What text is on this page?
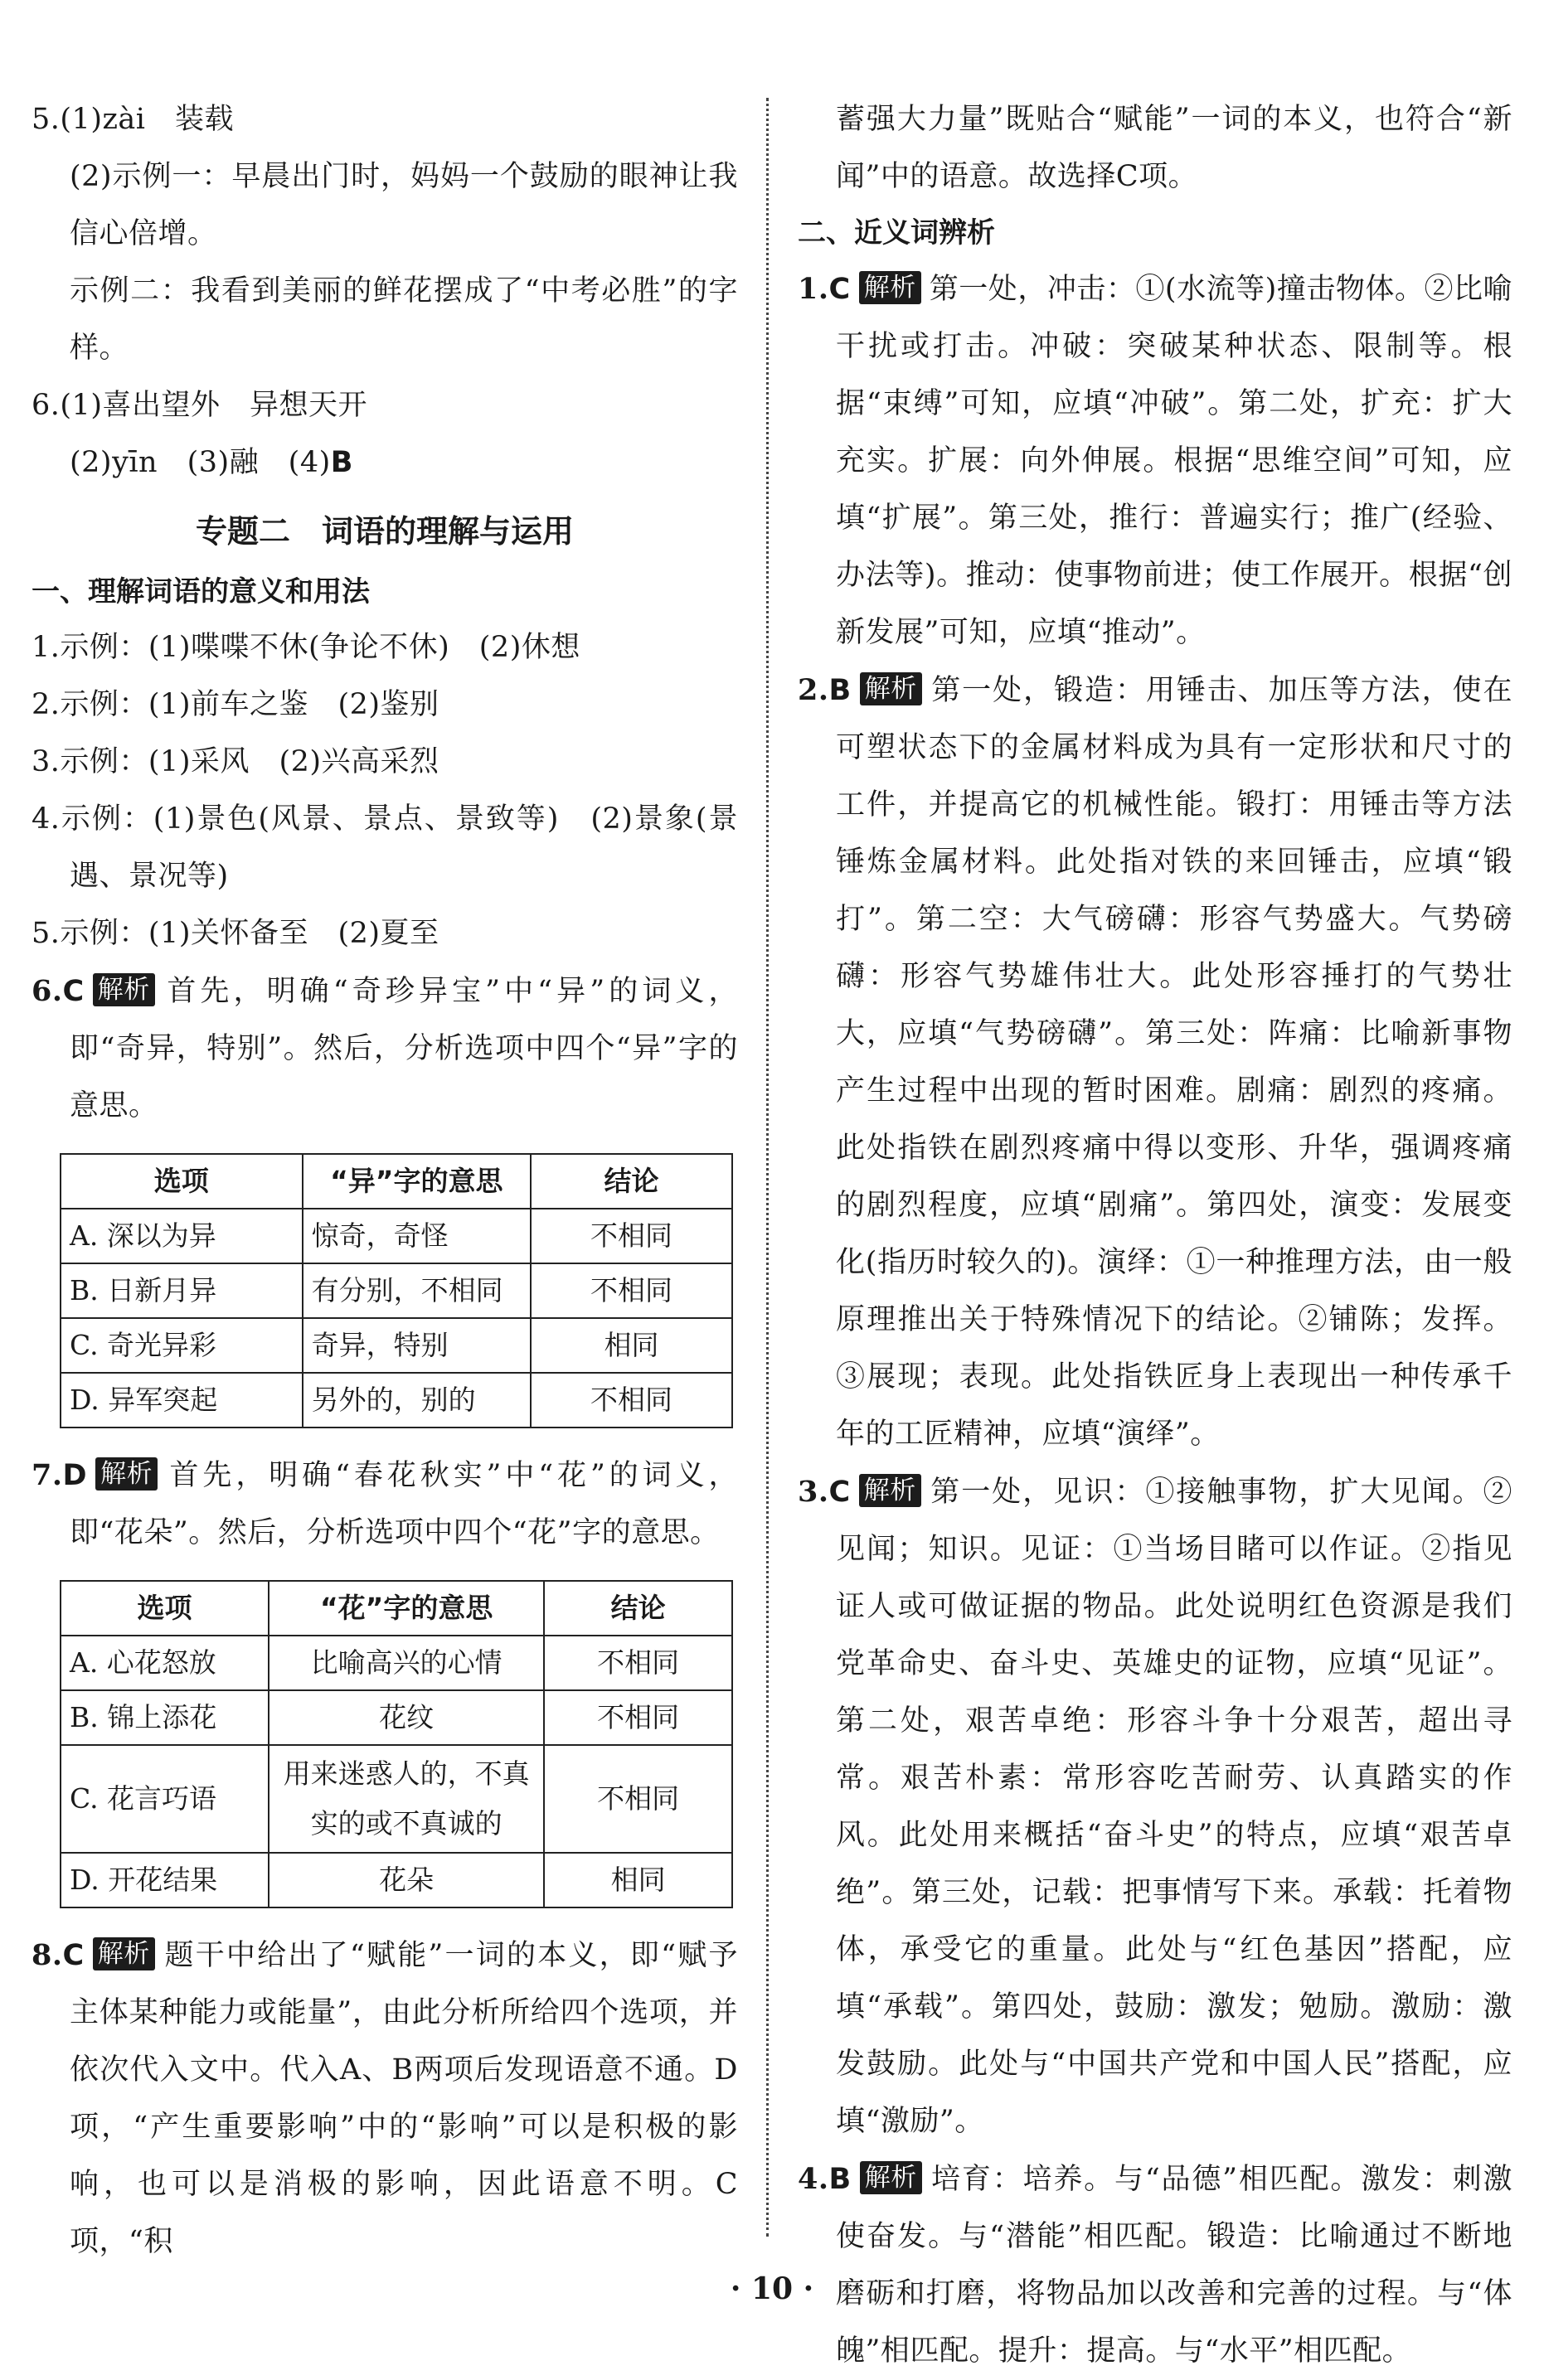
5.(1)zài　装载

(2)示例一：早晨出门时，妈妈一个鼓励的眼神让我信心倍增。

示例二：我看到美丽的鲜花摆成了“中考必胜”的字样。

6.(1)喜出望外　异想天开

(2)yīn　(3)融　(4)B

专题二　词语的理解与运用

一、理解词语的意义和用法

1.示例：(1)喋喋不休(争论不休)　(2)休想

2.示例：(1)前车之鉴　(2)鉴别

3.示例：(1)采风　(2)兴高采烈

4.示例：(1)景色(风景、景点、景致等)　(2)景象(景遇、景况等)

5.示例：(1)关怀备至　(2)夏至

6.C 解析 首先，明确“奇珍异宝”中“异”的词义，即“奇异，特别”。然后，分析选项中四个“异”字的意思。

选项	“异”字的意思	结论
A. 深以为异	惊奇，奇怪	不相同
B. 日新月异	有分别，不相同	不相同
C. 奇光异彩	奇异，特别	相同
D. 异军突起	另外的，别的	不相同

7.D 解析 首先，明确“春花秋实”中“花”的词义，即“花朵”。然后，分析选项中四个“花”字的意思。

选项	“花”字的意思	结论
A. 心花怒放	比喻高兴的心情	不相同
B. 锦上添花	花纹	不相同
C. 花言巧语	用来迷惑人的，不真实的或不真诚的	不相同
D. 开花结果	花朵	相同

8.C 解析 题干中给出了“赋能”一词的本义，即“赋予主体某种能力或能量”，由此分析所给四个选项，并依次代入文中。代入A、B两项后发现语意不通。D项，“产生重要影响”中的“影响”可以是积极的影响，也可以是消极的影响，因此语意不明。C项，“积

蓄强大力量”既贴合“赋能”一词的本义，也符合“新闻”中的语意。故选择C项。

二、近义词辨析

1.C 解析 第一处，冲击：①(水流等)撞击物体。②比喻干扰或打击。冲破：突破某种状态、限制等。根据“束缚”可知，应填“冲破”。第二处，扩充：扩大充实。扩展：向外伸展。根据“思维空间”可知，应填“扩展”。第三处，推行：普遍实行；推广(经验、办法等)。推动：使事物前进；使工作展开。根据“创新发展”可知，应填“推动”。

2.B 解析 第一处，锻造：用锤击、加压等方法，使在可塑状态下的金属材料成为具有一定形状和尺寸的工件，并提高它的机械性能。锻打：用锤击等方法锤炼金属材料。此处指对铁的来回锤击，应填“锻打”。第二空：大气磅礴：形容气势盛大。气势磅礴：形容气势雄伟壮大。此处形容捶打的气势壮大，应填“气势磅礴”。第三处：阵痛：比喻新事物产生过程中出现的暂时困难。剧痛：剧烈的疼痛。此处指铁在剧烈疼痛中得以变形、升华，强调疼痛的剧烈程度，应填“剧痛”。第四处，演变：发展变化(指历时较久的)。演绎：①一种推理方法，由一般原理推出关于特殊情况下的结论。②铺陈；发挥。③展现；表现。此处指铁匠身上表现出一种传承千年的工匠精神，应填“演绎”。

3.C 解析 第一处，见识：①接触事物，扩大见闻。②见闻；知识。见证：①当场目睹可以作证。②指见证人或可做证据的物品。此处说明红色资源是我们党革命史、奋斗史、英雄史的证物，应填“见证”。第二处，艰苦卓绝：形容斗争十分艰苦，超出寻常。艰苦朴素：常形容吃苦耐劳、认真踏实的作风。此处用来概括“奋斗史”的特点，应填“艰苦卓绝”。第三处，记载：把事情写下来。承载：托着物体，承受它的重量。此处与“红色基因”搭配，应填“承载”。第四处，鼓励：激发；勉励。激励：激发鼓励。此处与“中国共产党和中国人民”搭配，应填“激励”。

4.B 解析 培育：培养。与“品德”相匹配。激发：刺激使奋发。与“潜能”相匹配。锻造：比喻通过不断地磨砺和打磨，将物品加以改善和完善的过程。与“体魄”相匹配。提升：提高。与“水平”相匹配。

· 10 ·
